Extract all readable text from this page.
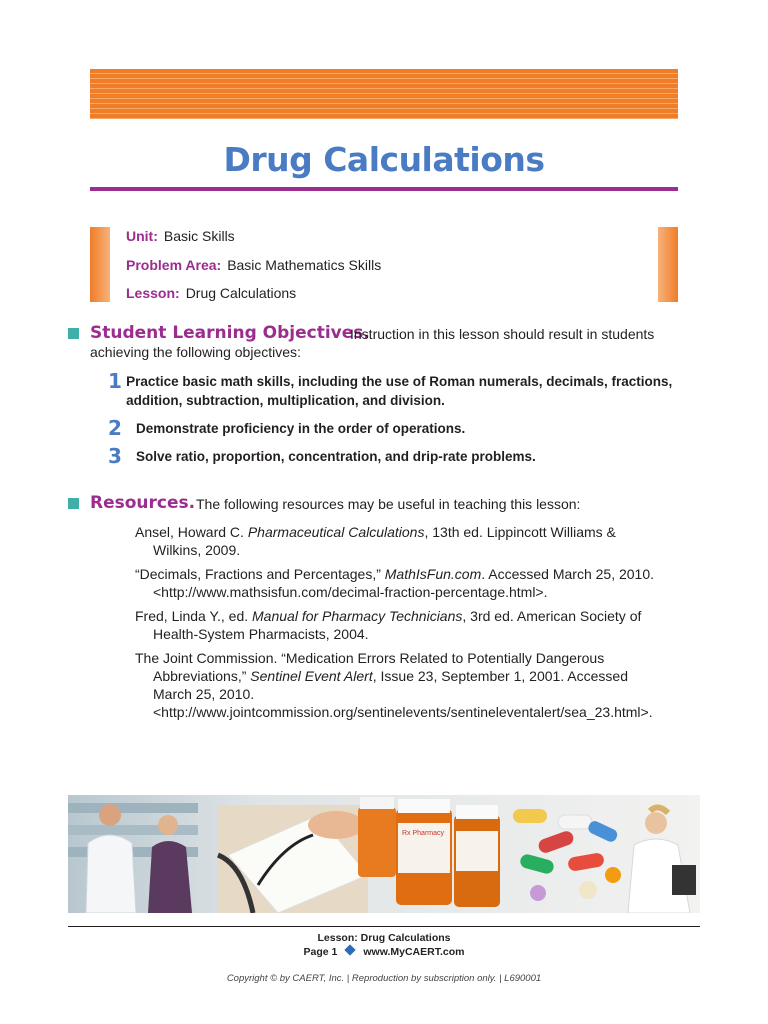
Drug Calculations
Unit: Basic Skills
Problem Area: Basic Mathematics Skills
Lesson: Drug Calculations
Student Learning Objectives.
Instruction in this lesson should result in students
achieving the following objectives:
1 Practice basic math skills, including the use of Roman numerals, decimals, fractions, addition, subtraction, multiplication, and division.
2	Demonstrate proficiency in the order of operations.
3	Solve ratio, proportion, concentration, and drip-rate problems.
Resources. The following resources may be useful in teaching this lesson:
Ansel, Howard C. Pharmaceutical Calculations, 13th ed. Lippincott Williams & Wilkins, 2009.
“Decimals, Fractions and Percentages,” MathIsFun.com. Accessed March 25, 2010. <http://www.mathsisfun.com/decimal-fraction-percentage.html>.
Fred, Linda Y., ed. Manual for Pharmacy Technicians, 3rd ed. American Society of Health-System Pharmacists, 2004.
The Joint Commission. “Medication Errors Related to Potentially Dangerous Abbreviations,” Sentinel Event Alert, Issue 23, September 1, 2001. Accessed March 25, 2010. <http://www.jointcommission.org/sentinelevents/sentineleventalert/sea_23.html>.
Rx Pharmacy
Lesson: Drug Calculations
Page 1 www.MyCAERT.com
Copyright © by CAERT, Inc. | Reproduction by subscription only. | L690001
